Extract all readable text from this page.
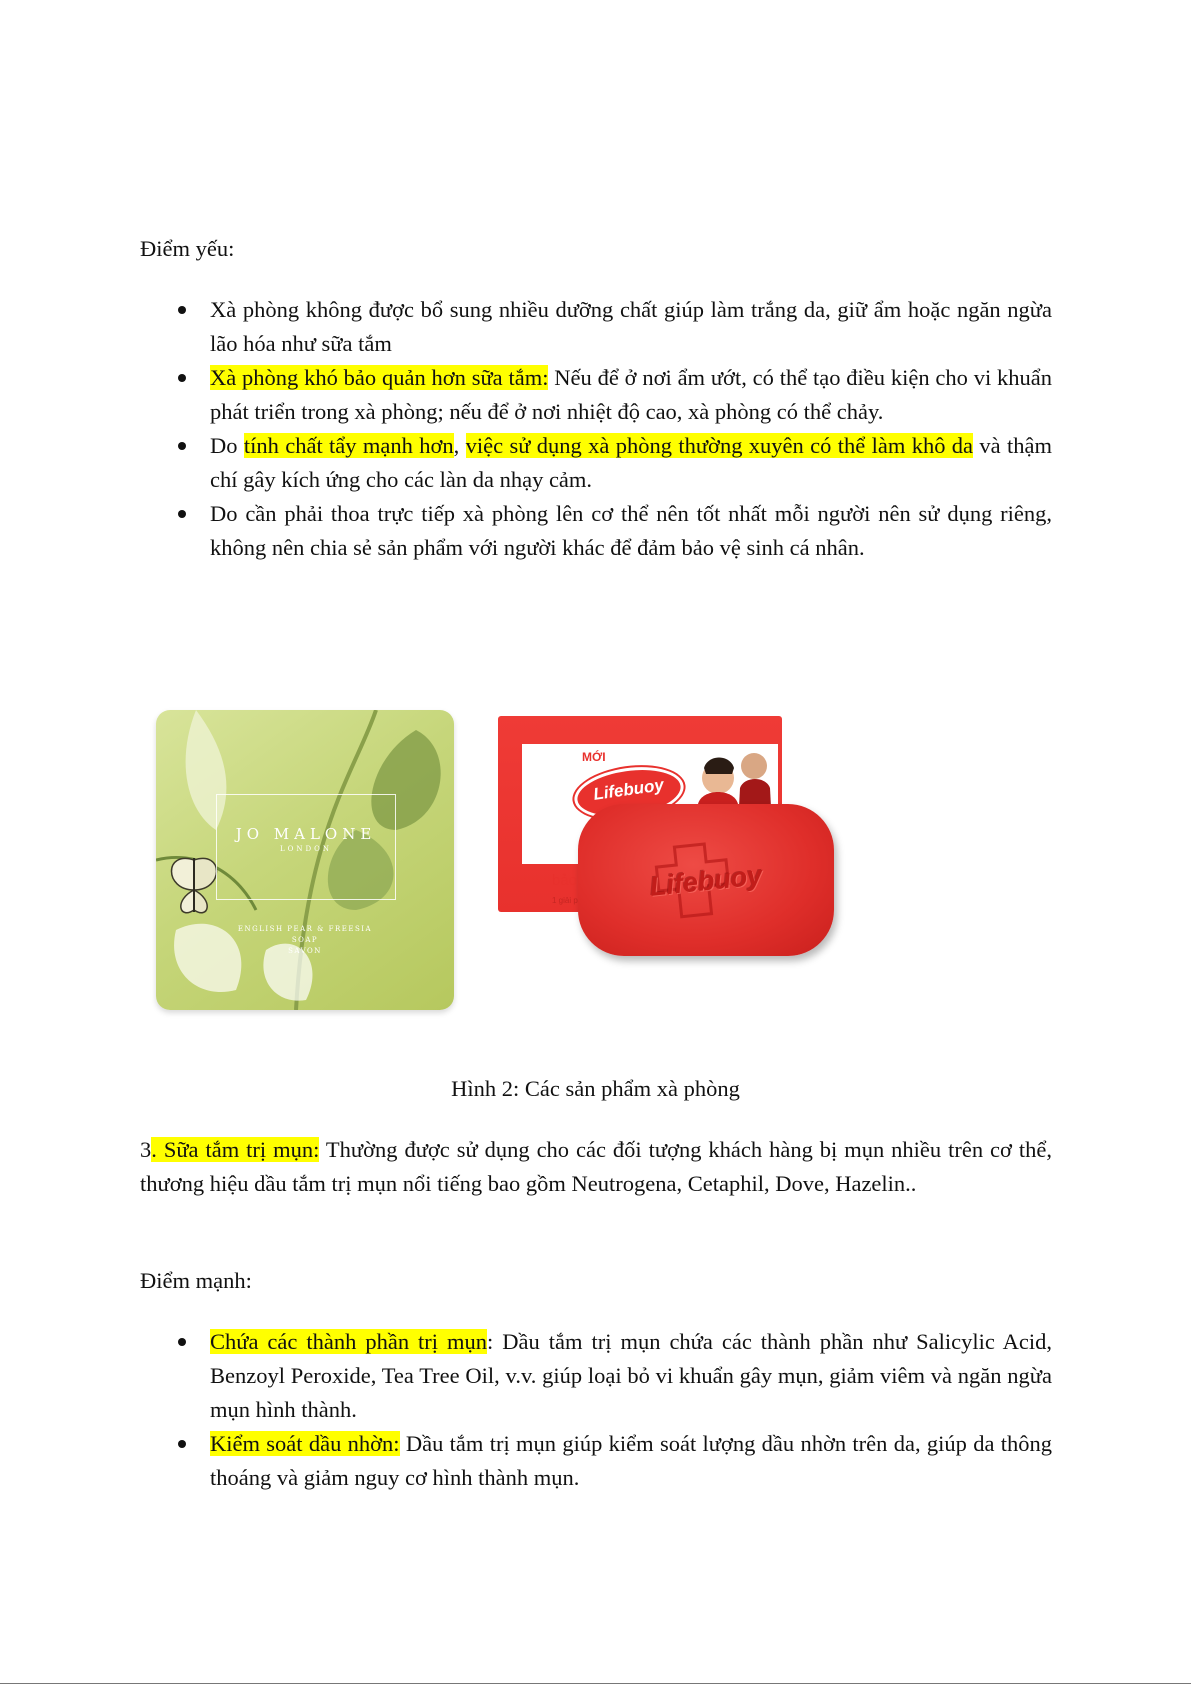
Điểm yếu:

Xà phòng không được bổ sung nhiều dưỡng chất giúp làm trắng da, giữ ẩm hoặc ngăn ngừa lão hóa như sữa tắm
Xà phòng khó bảo quản hơn sữa tắm: Nếu để ở nơi ẩm ướt, có thể tạo điều kiện cho vi khuẩn phát triển trong xà phòng; nếu để ở nơi nhiệt độ cao, xà phòng có thể chảy.
Do tính chất tẩy mạnh hơn, việc sử dụng xà phòng thường xuyên có thể làm khô da và thậm chí gây kích ứng cho các làn da nhạy cảm.
Do cần phải thoa trực tiếp xà phòng lên cơ thể nên tốt nhất mỗi người nên sử dụng riêng, không nên chia sẻ sản phẩm với người khác để đảm bảo vệ sinh cá nhân.
JO MALONE
LONDON
ENGLISH PEAR & FREESIA
SOAP
SAVON
MỚI
Lifebuoy
bảo
1 giải p	Lifebuoy
Hình 2: Các sản phẩm xà phòng

3. Sữa tắm trị mụn: Thường được sử dụng cho các đối tượng khách hàng bị mụn nhiều trên cơ thể, thương hiệu dầu tắm trị mụn nổi tiếng bao gồm Neutrogena, Cetaphil, Dove, Hazelin..

Điểm mạnh:

Chứa các thành phần trị mụn: Dầu tắm trị mụn chứa các thành phần như Salicylic Acid, Benzoyl Peroxide, Tea Tree Oil, v.v. giúp loại bỏ vi khuẩn gây mụn, giảm viêm và ngăn ngừa mụn hình thành.
Kiểm soát dầu nhờn: Dầu tắm trị mụn giúp kiểm soát lượng dầu nhờn trên da, giúp da thông thoáng và giảm nguy cơ hình thành mụn.
